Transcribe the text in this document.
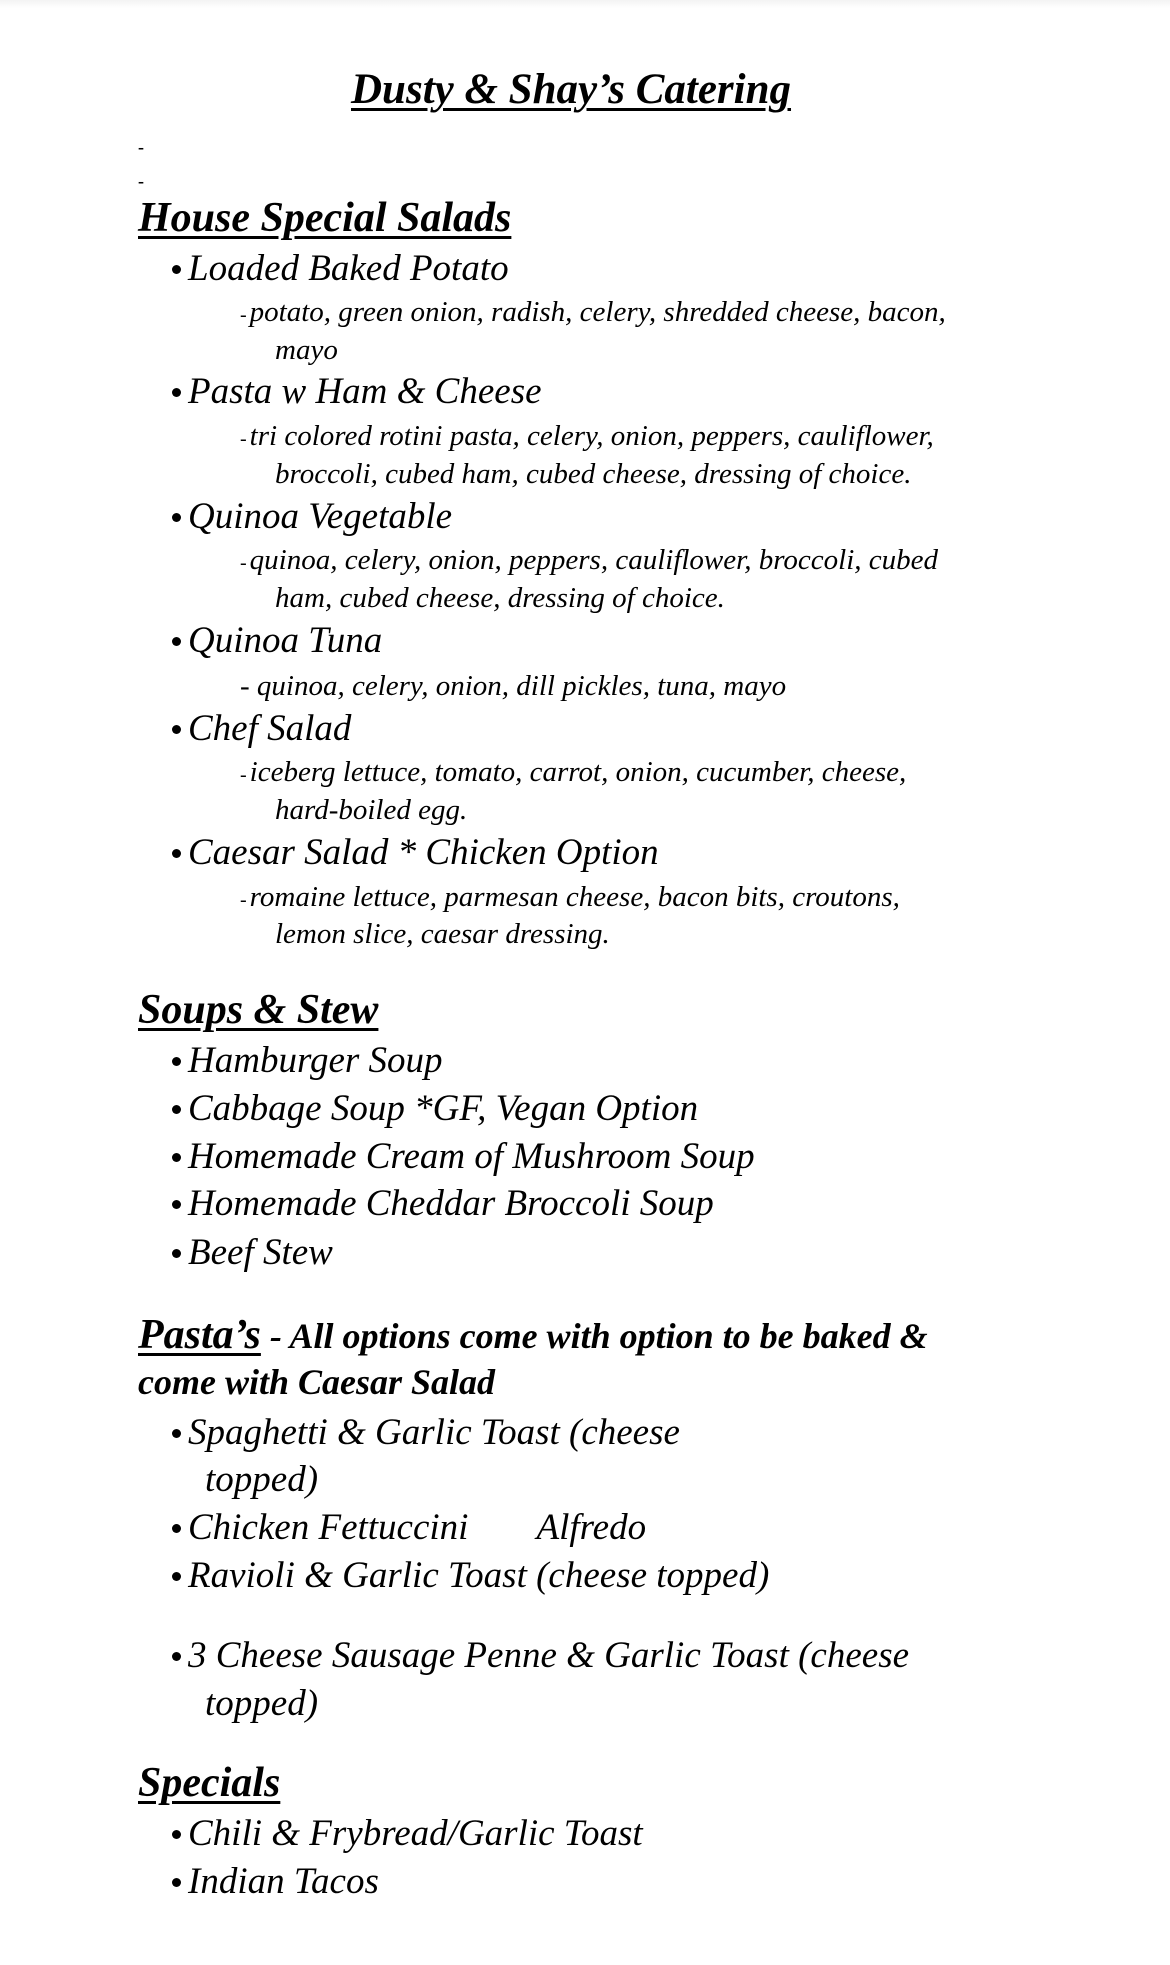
Dusty & Shay’s Catering
-
-
House Special Salads
Loaded Baked Potato
- potato, green onion, radish, celery, shredded cheese, bacon,
mayo
Pasta w Ham & Cheese
- tri colored rotini pasta, celery, onion, peppers, cauliflower,
broccoli, cubed ham, cubed cheese, dressing of choice.
Quinoa Vegetable
- quinoa, celery, onion, peppers, cauliflower, broccoli, cubed
ham, cubed cheese, dressing of choice.
Quinoa Tuna
- quinoa, celery, onion, dill pickles, tuna, mayo
Chef Salad
- iceberg lettuce, tomato, carrot, onion, cucumber, cheese,
hard-boiled egg.
Caesar Salad * Chicken Option
- romaine lettuce, parmesan cheese, bacon bits, croutons,
lemon slice, caesar dressing.
Soups & Stew
Hamburger Soup
Cabbage Soup *GF, Vegan Option
Homemade Cream of Mushroom Soup
Homemade Cheddar Broccoli Soup
Beef Stew
Pasta’s - All options come with option to be baked &
come with Caesar Salad
Spaghetti & Garlic Toast (cheese
topped)
Chicken Fettuccini Alfredo
Ravioli & Garlic Toast (cheese topped)
3 Cheese Sausage Penne & Garlic Toast (cheese
topped)
Specials
Chili & Frybread/Garlic Toast
Indian Tacos
